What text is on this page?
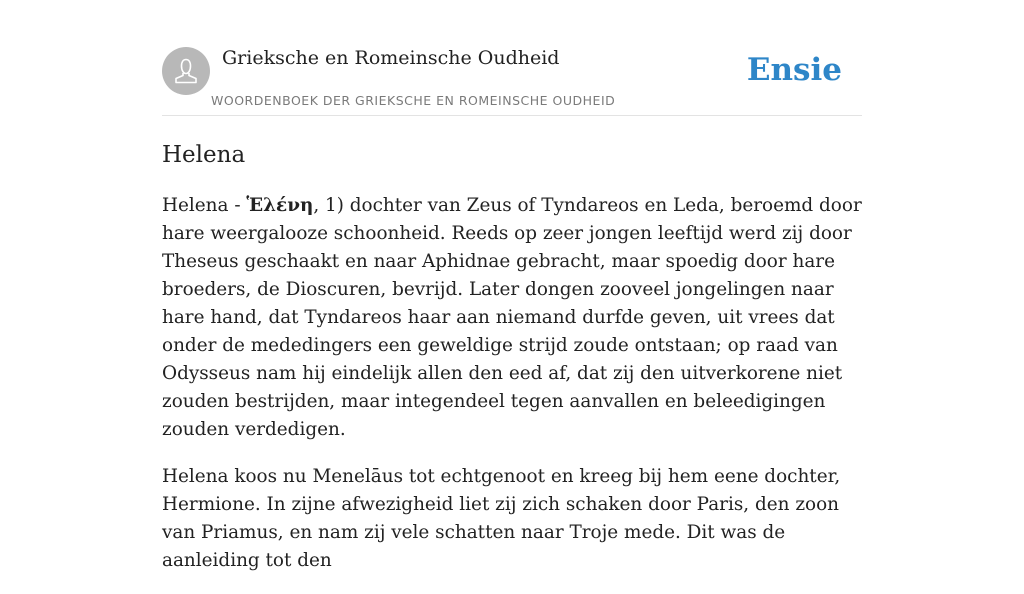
Grieksche en Romeinsche Oudheid
WOORDENBOEK DER GRIEKSCHE EN ROMEINSCHE OUDHEID
Ensie
Helena

Helena - Ἑλένη, 1) dochter van Zeus of Tyndareos en Leda, beroemd door hare weergalooze schoonheid. Reeds op zeer jongen leeftijd werd zij door Theseus geschaakt en naar Aphidnae gebracht, maar spoedig door hare broeders, de Dioscuren, bevrijd. Later dongen zooveel jongelingen naar hare hand, dat Tyndareos haar aan niemand durfde geven, uit vrees dat onder de mededingers een geweldige strijd zoude ontstaan; op raad van Odysseus nam hij eindelijk allen den eed af, dat zij den uitverkorene niet zouden bestrijden, maar integendeel tegen aanvallen en beleedigingen zouden verdedigen.

Helena koos nu Menelāus tot echtgenoot en kreeg bij hem eene dochter, Hermione. In zijne afwezigheid liet zij zich schaken door Paris, den zoon van Priamus, en nam zij vele schatten naar Troje mede. Dit was de aanleiding tot den
